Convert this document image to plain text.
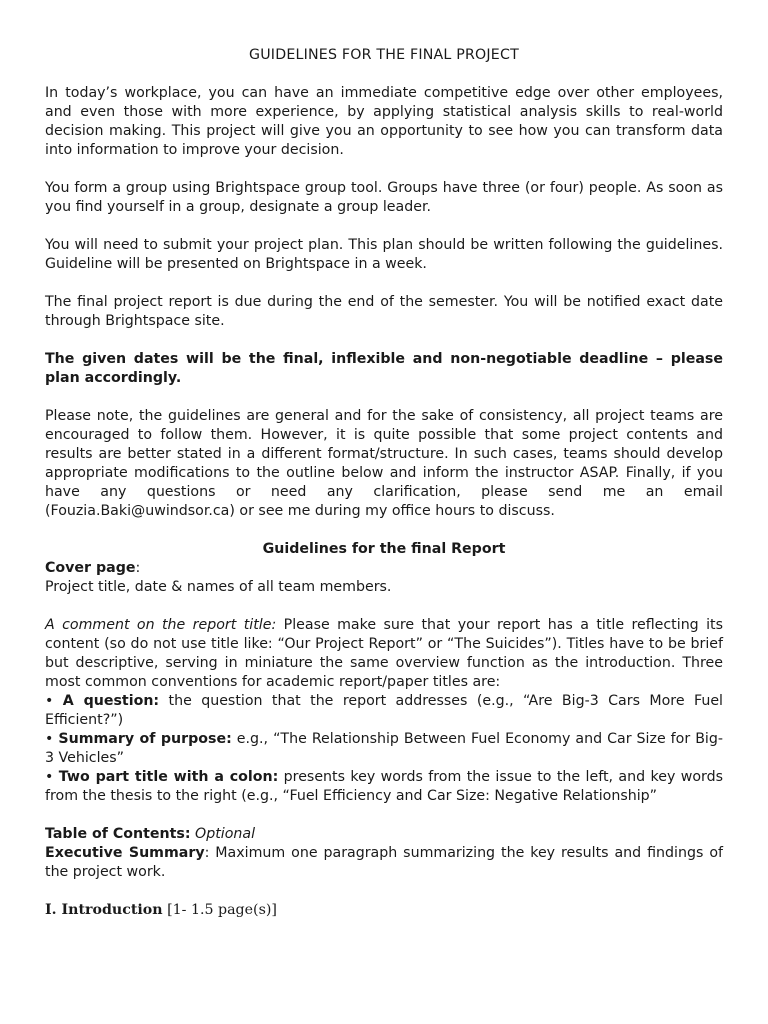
GUIDELINES FOR THE FINAL PROJECT

In today’s workplace, you can have an immediate competitive edge over other employees, and even those with more experience, by applying statistical analysis skills to real-world decision making. This project will give you an opportunity to see how you can transform data into information to improve your decision.

You form a group using Brightspace group tool. Groups have three (or four) people. As soon as you find yourself in a group, designate a group leader.

You will need to submit your project plan. This plan should be written following the guidelines. Guideline will be presented on Brightspace in a week.

The final project report is due during the end of the semester. You will be notified exact date through Brightspace site.

The given dates will be the final, inflexible and non-negotiable deadline – please plan accordingly.

Please note, the guidelines are general and for the sake of consistency, all project teams are encouraged to follow them. However, it is quite possible that some project contents and results are better stated in a different format/structure. In such cases, teams should develop appropriate modifications to the outline below and inform the instructor ASAP. Finally, if you have any questions or need any clarification, please send me an email (Fouzia.Baki@uwindsor.ca) or see me during my office hours to discuss.

Guidelines for the final Report

Cover page:

Project title, date & names of all team members.

A comment on the report title: Please make sure that your report has a title reflecting its content (so do not use title like: “Our Project Report” or “The Suicides”). Titles have to be brief but descriptive, serving in miniature the same overview function as the introduction. Three most common conventions for academic report/paper titles are:

• A question: the question that the report addresses (e.g., “Are Big-3 Cars More Fuel Efficient?”)

• Summary of purpose: e.g., “The Relationship Between Fuel Economy and Car Size for Big-3 Vehicles”

• Two part title with a colon: presents key words from the issue to the left, and key words from the thesis to the right (e.g., “Fuel Efficiency and Car Size: Negative Relationship”

Table of Contents: Optional

Executive Summary: Maximum one paragraph summarizing the key results and findings of the project work.

I. Introduction [1- 1.5 page(s)]
